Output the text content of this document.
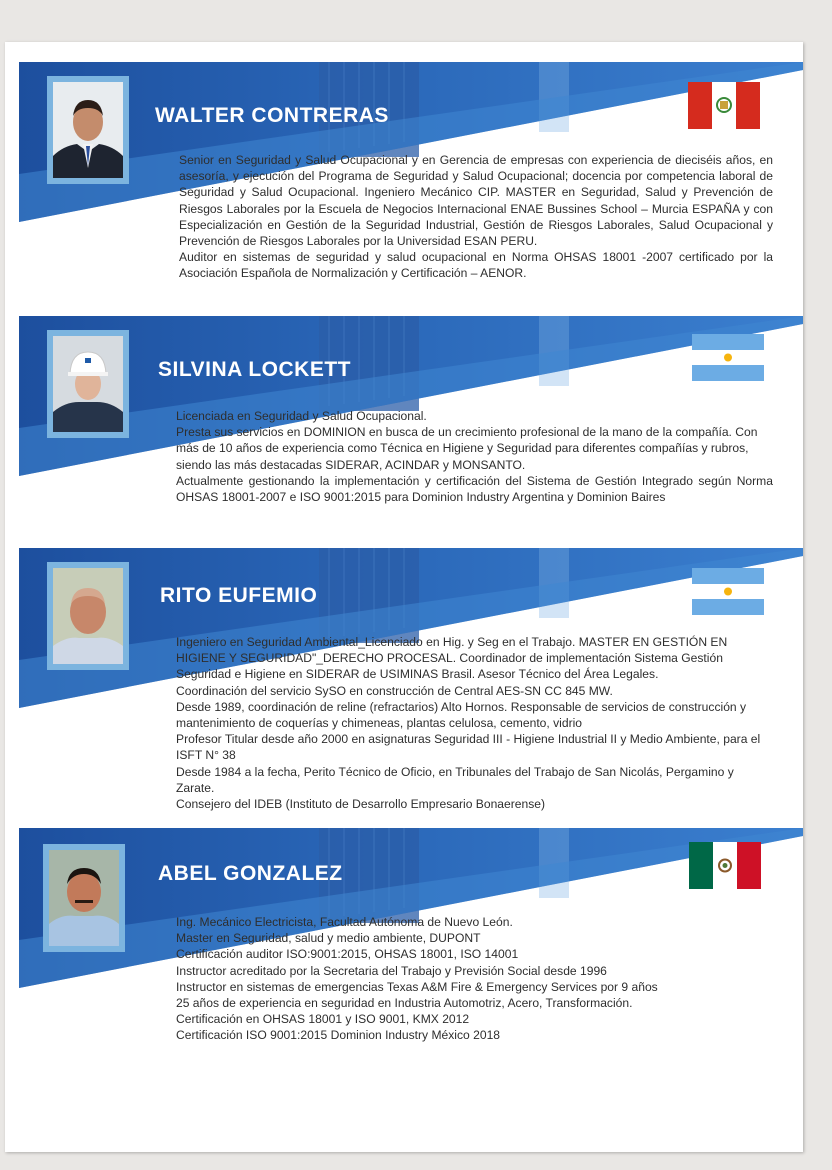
WALTER CONTRERAS

Senior en Seguridad y Salud Ocupacional y en Gerencia de empresas con experiencia de dieciséis años, en asesoría, y ejecución del Programa de Seguridad y Salud Ocupacional; docencia por competencia laboral de Seguridad y Salud Ocupacional. Ingeniero Mecánico CIP. MASTER en Seguridad, Salud y Prevención de Riesgos Laborales por la Escuela de Negocios Internacional ENAE Bussines School – Murcia ESPAÑA y con Especialización en Gestión de la Seguridad Industrial, Gestión de Riesgos Laborales, Salud Ocupacional y Prevención de Riesgos Laborales por la Universidad ESAN PERU.

Auditor en sistemas de seguridad y salud ocupacional en Norma OHSAS 18001 -2007 certificado por la Asociación Española de Normalización y Certificación – AENOR.

SILVINA LOCKETT

Licenciada en Seguridad y Salud Ocupacional.

Presta sus servicios en DOMINION en busca de un crecimiento profesional de la mano de la compañía. Con más de 10 años de experiencia como Técnica en Higiene y Seguridad para diferentes compañías y rubros, siendo las más destacadas SIDERAR, ACINDAR y MONSANTO.

Actualmente gestionando la implementación y certificación del Sistema de Gestión Integrado según Norma OHSAS 18001-2007 e ISO 9001:2015 para Dominion Industry Argentina y Dominion Baires

RITO EUFEMIO

Ingeniero en Seguridad Ambiental_Licenciado en Hig. y Seg en el Trabajo. MASTER EN GESTIÓN EN HIGIENE Y SEGURIDAD"_DERECHO PROCESAL. Coordinador de implementación Sistema Gestión Seguridad e Higiene en SIDERAR de USIMINAS Brasil. Asesor Técnico del Área Legales.

Coordinación del servicio SySO en construcción de Central AES-SN CC 845 MW.

Desde 1989, coordinación de reline (refractarios) Alto Hornos. Responsable de servicios de construcción y mantenimiento de coquerías y chimeneas, plantas celulosa, cemento, vidrio

Profesor Titular desde año 2000 en asignaturas Seguridad III - Higiene Industrial II y Medio Ambiente, para el ISFT N° 38

Desde 1984 a la fecha, Perito Técnico de Oficio, en Tribunales del Trabajo de San Nicolás, Pergamino y Zarate.

Consejero del IDEB (Instituto de Desarrollo Empresario Bonaerense)

ABEL GONZALEZ

Ing. Mecánico Electricista, Facultad Autónoma de Nuevo León.

Master en Seguridad, salud y medio ambiente, DUPONT

Certificación auditor ISO:9001:2015, OHSAS 18001, ISO 14001

Instructor acreditado por la Secretaria del Trabajo y Previsión Social desde 1996

Instructor en sistemas de emergencias Texas A&M Fire & Emergency Services por 9 años

25 años de experiencia en seguridad en Industria Automotriz, Acero, Transformación.

Certificación en OHSAS 18001 y ISO 9001, KMX 2012

Certificación ISO 9001:2015 Dominion Industry México 2018
